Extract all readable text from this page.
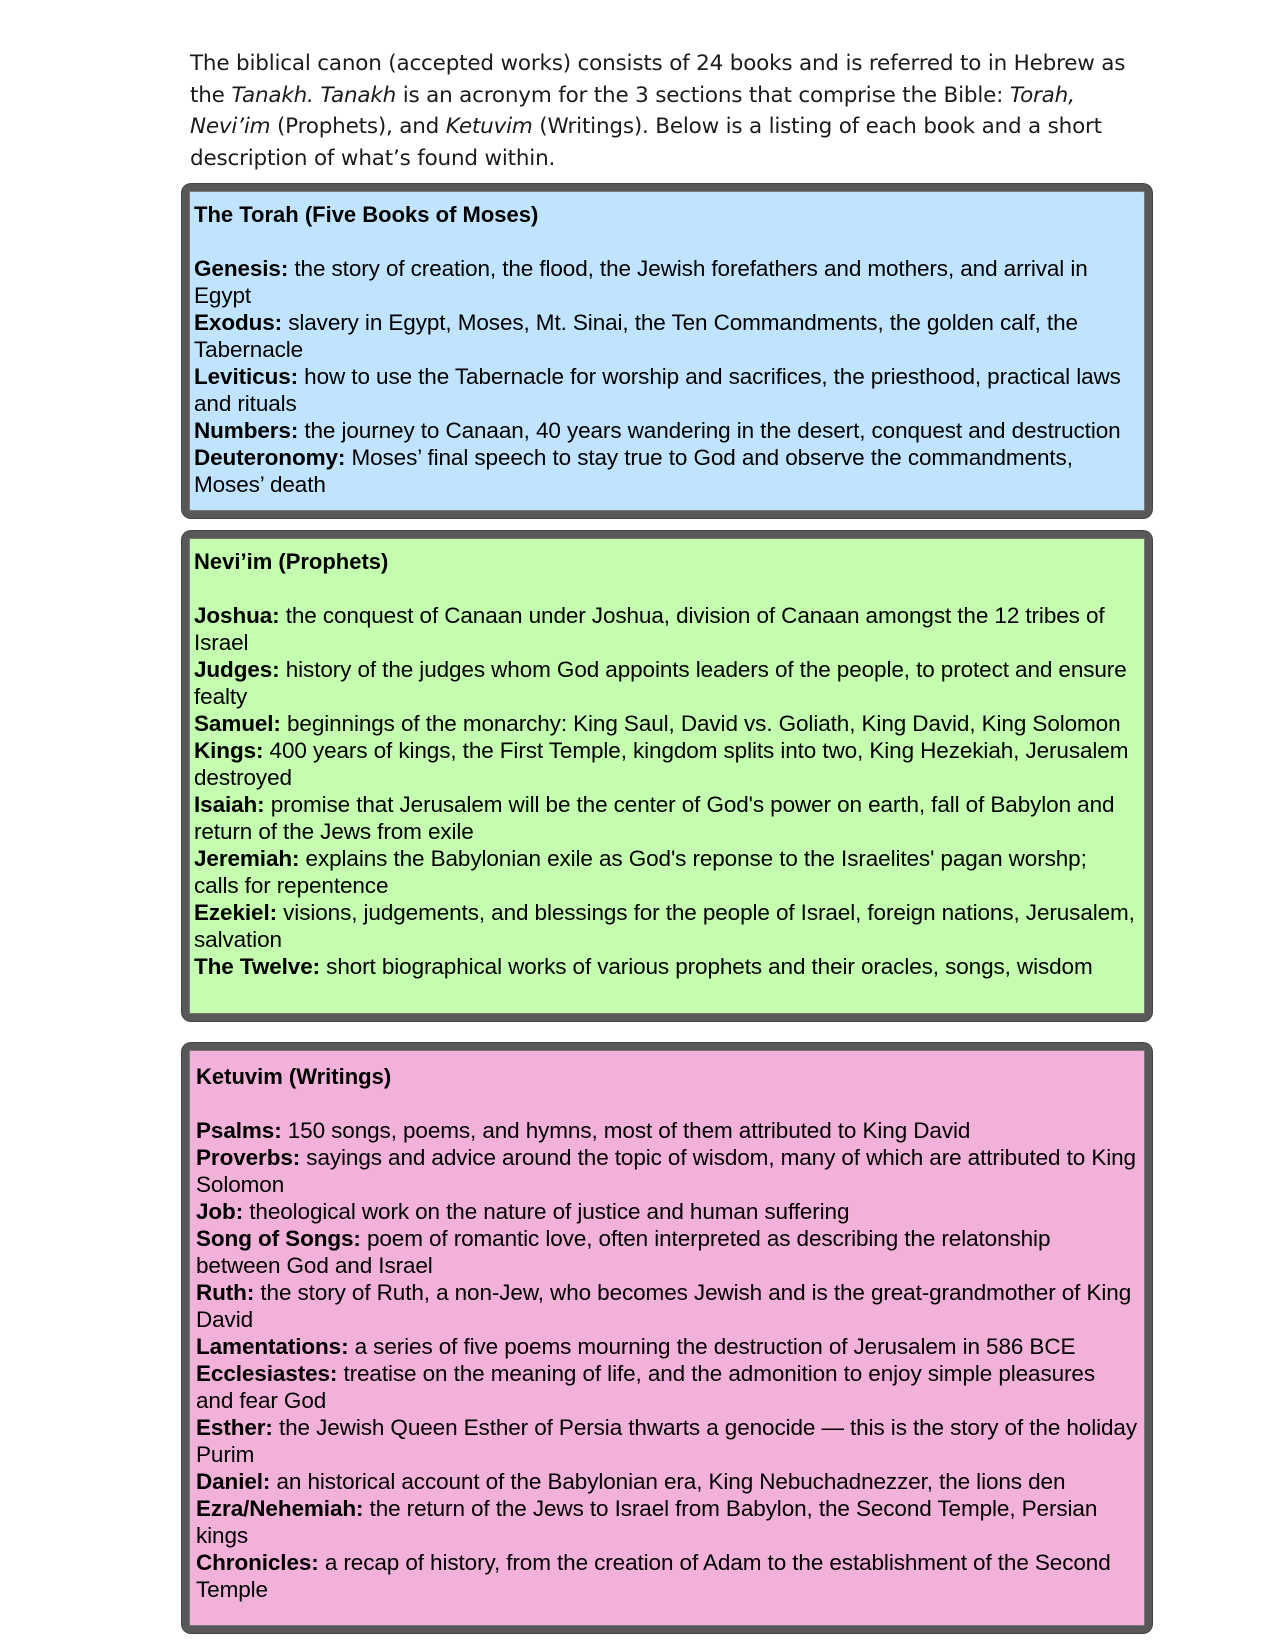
The biblical canon (accepted works) consists of 24 books and is referred to in Hebrew as the Tanakh. Tanakh is an acronym for the 3 sections that comprise the Bible: Torah, Nevi’im (Prophets), and Ketuvim (Writings). Below is a listing of each book and a short description of what’s found within.

The Torah (Five Books of Moses)

Genesis: the story of creation, the flood, the Jewish forefathers and mothers, and arrival in Egypt

Exodus: slavery in Egypt, Moses, Mt. Sinai, the Ten Commandments, the golden calf, the Tabernacle

Leviticus: how to use the Tabernacle for worship and sacrifices, the priesthood, practical laws and rituals

Numbers: the journey to Canaan, 40 years wandering in the desert, conquest and destruction

Deuteronomy: Moses’ final speech to stay true to God and observe the commandments, Moses’ death

Nevi’im (Prophets)

Joshua: the conquest of Canaan under Joshua, division of Canaan amongst the 12 tribes of Israel

Judges: history of the judges whom God appoints leaders of the people, to protect and ensure fealty

Samuel: beginnings of the monarchy: King Saul, David vs. Goliath, King David, King Solomon

Kings: 400 years of kings, the First Temple, kingdom splits into two, King Hezekiah, Jerusalem destroyed

Isaiah: promise that Jerusalem will be the center of God's power on earth, fall of Babylon and return of the Jews from exile

Jeremiah: explains the Babylonian exile as God's reponse to the Israelites' pagan worshp; calls for repentence

Ezekiel: visions, judgements, and blessings for the people of Israel, foreign nations, Jerusalem, salvation

The Twelve: short biographical works of various prophets and their oracles, songs, wisdom

Ketuvim (Writings)

Psalms: 150 songs, poems, and hymns, most of them attributed to King David

Proverbs: sayings and advice around the topic of wisdom, many of which are attributed to King Solomon

Job: theological work on the nature of justice and human suffering

Song of Songs: poem of romantic love, often interpreted as describing the relatonship between God and Israel

Ruth: the story of Ruth, a non-Jew, who becomes Jewish and is the great-grandmother of King David

Lamentations: a series of five poems mourning the destruction of Jerusalem in 586 BCE

Ecclesiastes: treatise on the meaning of life, and the admonition to enjoy simple pleasures and fear God

Esther: the Jewish Queen Esther of Persia thwarts a genocide — this is the story of the holiday Purim

Daniel: an historical account of the Babylonian era, King Nebuchadnezzer, the lions den

Ezra/Nehemiah: the return of the Jews to Israel from Babylon, the Second Temple, Persian kings

Chronicles: a recap of history, from the creation of Adam to the establishment of the Second Temple
